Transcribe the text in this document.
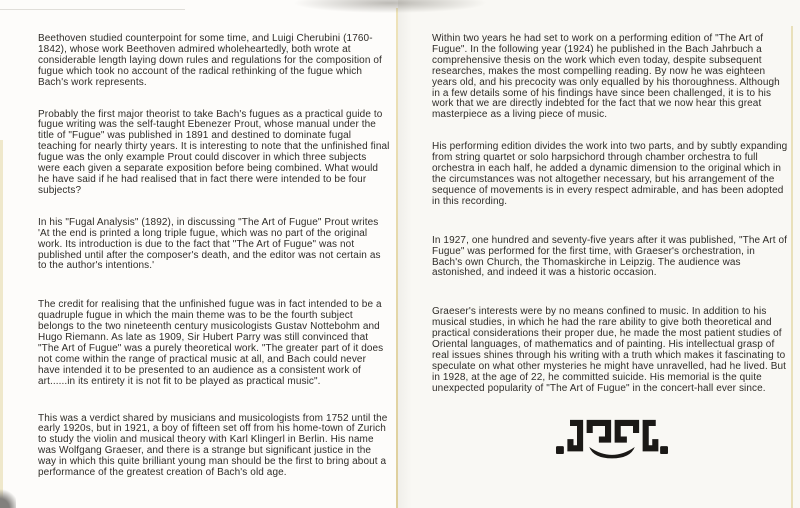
Beethoven studied counterpoint for some time, and Luigi Cherubini (1760-1842), whose work Beethoven admired wholeheartedly, both wrote at considerable length laying down rules and regulations for the composition of fugue which took no account of the radical rethinking of the fugue which Bach's work represents.

Probably the first major theorist to take Bach's fugues as a practical guide to fugue writing was the self-taught Ebenezer Prout, whose manual under the title of "Fugue" was published in 1891 and destined to dominate fugal teaching for nearly thirty years. It is interesting to note that the unfinished final fugue was the only example Prout could discover in which three subjects were each given a separate exposition before being combined. What would he have said if he had realised that in fact there were intended to be four subjects?

In his "Fugal Analysis" (1892), in discussing "The Art of Fugue" Prout writes 'At the end is printed a long triple fugue, which was no part of the original work. Its introduction is due to the fact that "The Art of Fugue" was not published until after the composer's death, and the editor was not certain as to the author's intentions.'

The credit for realising that the unfinished fugue was in fact intended to be a quadruple fugue in which the main theme was to be the fourth subject belongs to the two nineteenth century musicologists Gustav Nottebohm and Hugo Riemann. As late as 1909, Sir Hubert Parry was still convinced that "The Art of Fugue" was a purely theoretical work. "The greater part of it does not come within the range of practical music at all, and Bach could never have intended it to be presented to an audience as a consistent work of art......in its entirety it is not fit to be played as practical music".

This was a verdict shared by musicians and musicologists from 1752 until the early 1920s, but in 1921, a boy of fifteen set off from his home-town of Zurich to study the violin and musical theory with Karl Klingerl in Berlin. His name was Wolfgang Graeser, and there is a strange but significant justice in the way in which this quite brilliant young man should be the first to bring about a performance of the greatest creation of Bach's old age.

Within two years he had set to work on a performing edition of "The Art of Fugue". In the following year (1924) he published in the Bach Jahrbuch a comprehensive thesis on the work which even today, despite subsequent researches, makes the most compelling reading. By now he was eighteen years old, and his precocity was only equalled by his thoroughness. Although in a few details some of his findings have since been challenged, it is to his work that we are directly indebted for the fact that we now hear this great masterpiece as a living piece of music.

His performing edition divides the work into two parts, and by subtly expanding from string quartet or solo harpsichord through chamber orchestra to full orchestra in each half, he added a dynamic dimension to the original which in the circumstances was not altogether necessary, but his arrangement of the sequence of movements is in every respect admirable, and has been adopted in this recording.

In 1927, one hundred and seventy-five years after it was published, "The Art of Fugue" was performed for the first time, with Graeser's orchestration, in Bach's own Church, the Thomaskirche in Leipzig. The audience was astonished, and indeed it was a historic occasion.

Graeser's interests were by no means confined to music. In addition to his musical studies, in which he had the rare ability to give both theoretical and practical considerations their proper due, he made the most patient studies of Oriental languages, of mathematics and of painting. His intellectual grasp of real issues shines through his writing with a truth which makes it fascinating to speculate on what other mysteries he might have unravelled, had he lived. But in 1928, at the age of 22, he committed suicide. His memorial is the quite unexpected popularity of "The Art of Fugue" in the concert-hall ever since.
